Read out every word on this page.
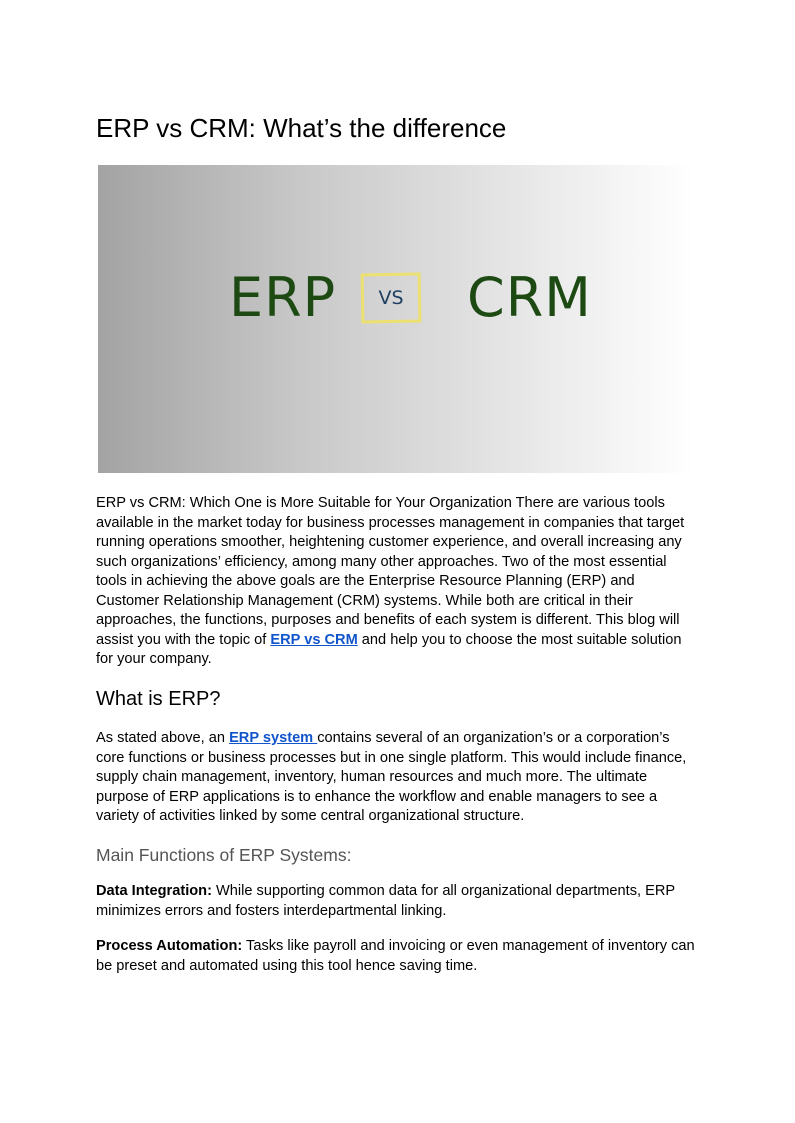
ERP vs CRM: What’s the difference
ERP	VS	CRM

ERP vs CRM: Which One is More Suitable for Your Organization There are various tools available in the market today for business processes management in companies that target running operations smoother, heightening customer experience, and overall increasing any such organizations’ efficiency, among many other approaches. Two of the most essential tools in achieving the above goals are the Enterprise Resource Planning (ERP) and Customer Relationship Management (CRM) systems. While both are critical in their approaches, the functions, purposes and benefits of each system is different. This blog will assist you with the topic of ERP vs CRM and help you to choose the most suitable solution for your company.

What is ERP?

As stated above, an ERP system contains several of an organization’s or a corporation’s core functions or business processes but in one single platform. This would include finance, supply chain management, inventory, human resources and much more. The ultimate purpose of ERP applications is to enhance the workflow and enable managers to see a variety of activities linked by some central organizational structure.

Main Functions of ERP Systems:

Data Integration: While supporting common data for all organizational departments, ERP minimizes errors and fosters interdepartmental linking.

Process Automation: Tasks like payroll and invoicing or even management of inventory can be preset and automated using this tool hence saving time.
